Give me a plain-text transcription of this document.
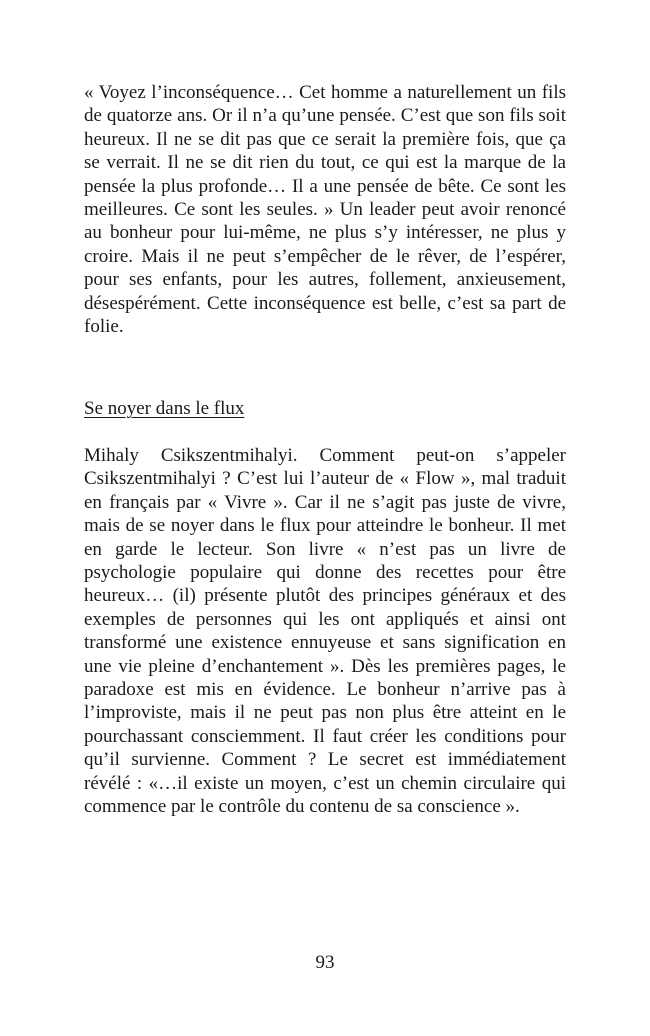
« Voyez l’inconséquence… Cet homme a naturellement un fils de quatorze ans. Or il n’a qu’une pensée. C’est que son fils soit heureux. Il ne se dit pas que ce serait la première fois, que ça se verrait. Il ne se dit rien du tout, ce qui est la marque de la pensée la plus profonde… Il a une pensée de bête. Ce sont les meilleures. Ce sont les seules. » Un leader peut avoir renoncé au bonheur pour lui-même, ne plus s’y intéresser, ne plus y croire. Mais il ne peut s’empêcher de le rêver, de l’espérer, pour ses enfants, pour les autres, follement, anxieusement, désespérément. Cette inconséquence est belle, c’est sa part de folie.

Se noyer dans le flux

Mihaly Csikszentmihalyi. Comment peut-on s’appeler Csikszentmihalyi ? C’est lui l’auteur de « Flow », mal traduit en français par « Vivre ». Car il ne s’agit pas juste de vivre, mais de se noyer dans le flux pour atteindre le bonheur. Il met en garde le lecteur. Son livre « n’est pas un livre de psychologie populaire qui donne des recettes pour être heureux… (il) présente plutôt des principes généraux et des exemples de personnes qui les ont appliqués et ainsi ont transformé une existence ennuyeuse et sans signification en une vie pleine d’enchantement ». Dès les premières pages, le paradoxe est mis en évidence. Le bonheur n’arrive pas à l’improviste, mais il ne peut pas non plus être atteint en le pourchassant consciemment. Il faut créer les conditions pour qu’il survienne. Comment ? Le secret est immédiatement révélé : «…il existe un moyen, c’est un chemin circulaire qui commence par le contrôle du contenu de sa conscience ».

93
